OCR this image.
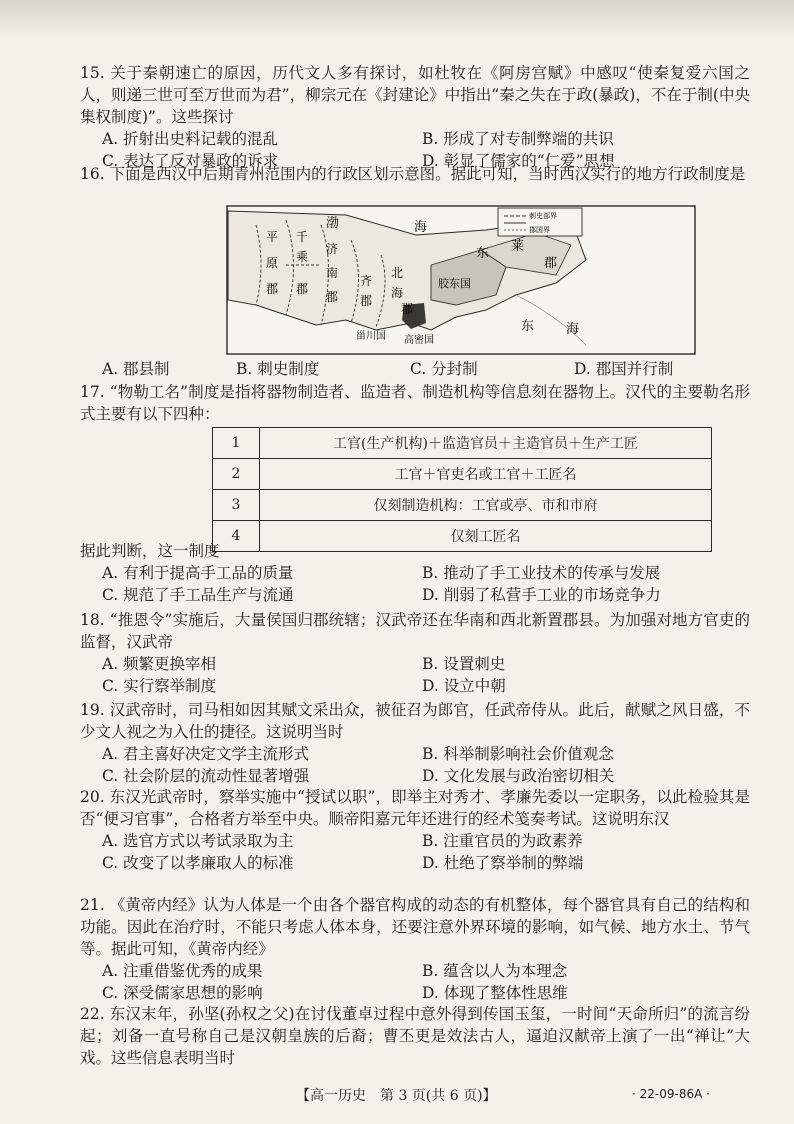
15. 关于秦朝速亡的原因，历代文人多有探讨，如杜牧在《阿房宫赋》中感叹“使秦复爱六国之人，则递三世可至万世而为君”，柳宗元在《封建论》中指出“秦之失在于政(暴政)，不在于制(中央集权制度)”。这些探讨

A. 折射出史料记载的混乱	B. 形成了对专制弊端的共识
C. 表达了反对暴政的诉求	D. 彰显了儒家的“仁爱”思想

16. 下面是西汉中后期青州范围内的行政区划示意图。据此可知，当时西汉实行的地方行政制度是

刺史部界
郡国界
平
原
郡
千
乘
郡
济
南
郡
北
海
郡
齐
郡
胶东国
东 莱
郡
渤	海
东 海
甾川国 高密国
A. 郡县制	B. 刺史制度	C. 分封制	D. 郡国并行制

17. “物勒工名”制度是指将器物制造者、监造者、制造机构等信息刻在器物上。汉代的主要勒名形式主要有以下四种：

1	工官(生产机构)＋监造官员＋主造官员＋生产工匠
2	工官＋官吏名或工官＋工匠名
3	仅刻制造机构：工官或亭、市和市府
4	仅刻工匠名

据此判断，这一制度

A. 有利于提高手工品的质量	B. 推动了手工业技术的传承与发展
C. 规范了手工品生产与流通	D. 削弱了私营手工业的市场竞争力

18. “推恩令”实施后，大量侯国归郡统辖；汉武帝还在华南和西北新置郡县。为加强对地方官吏的监督，汉武帝

A. 频繁更换宰相	B. 设置刺史
C. 实行察举制度	D. 设立中朝

19. 汉武帝时，司马相如因其赋文采出众，被征召为郎官，任武帝侍从。此后，献赋之风日盛，不少文人视之为入仕的捷径。这说明当时

A. 君主喜好决定文学主流形式	B. 科举制影响社会价值观念
C. 社会阶层的流动性显著增强	D. 文化发展与政治密切相关

20. 东汉光武帝时，察举实施中“授试以职”，即举主对秀才、孝廉先委以一定职务，以此检验其是否“便习官事”，合格者方举至中央。顺帝阳嘉元年还进行的经术笺奏考试。这说明东汉

A. 选官方式以考试录取为主	B. 注重官员的为政素养
C. 改变了以孝廉取人的标准	D. 杜绝了察举制的弊端

21. 《黄帝内经》认为人体是一个由各个器官构成的动态的有机整体，每个器官具有自己的结构和功能。因此在治疗时，不能只考虑人体本身，还要注意外界环境的影响，如气候、地方水土、节气等。据此可知，《黄帝内经》

A. 注重借鉴优秀的成果	B. 蕴含以人为本理念
C. 深受儒家思想的影响	D. 体现了整体性思维

22. 东汉末年，孙坚(孙权之父)在讨伐董卓过程中意外得到传国玉玺，一时间“天命所归”的流言纷起；刘备一直号称自己是汉朝皇族的后裔；曹丕更是效法古人，逼迫汉献帝上演了一出“禅让”大戏。这些信息表明当时

【高一历史　第 3 页(共 6 页)】	· 22-09-86A ·
